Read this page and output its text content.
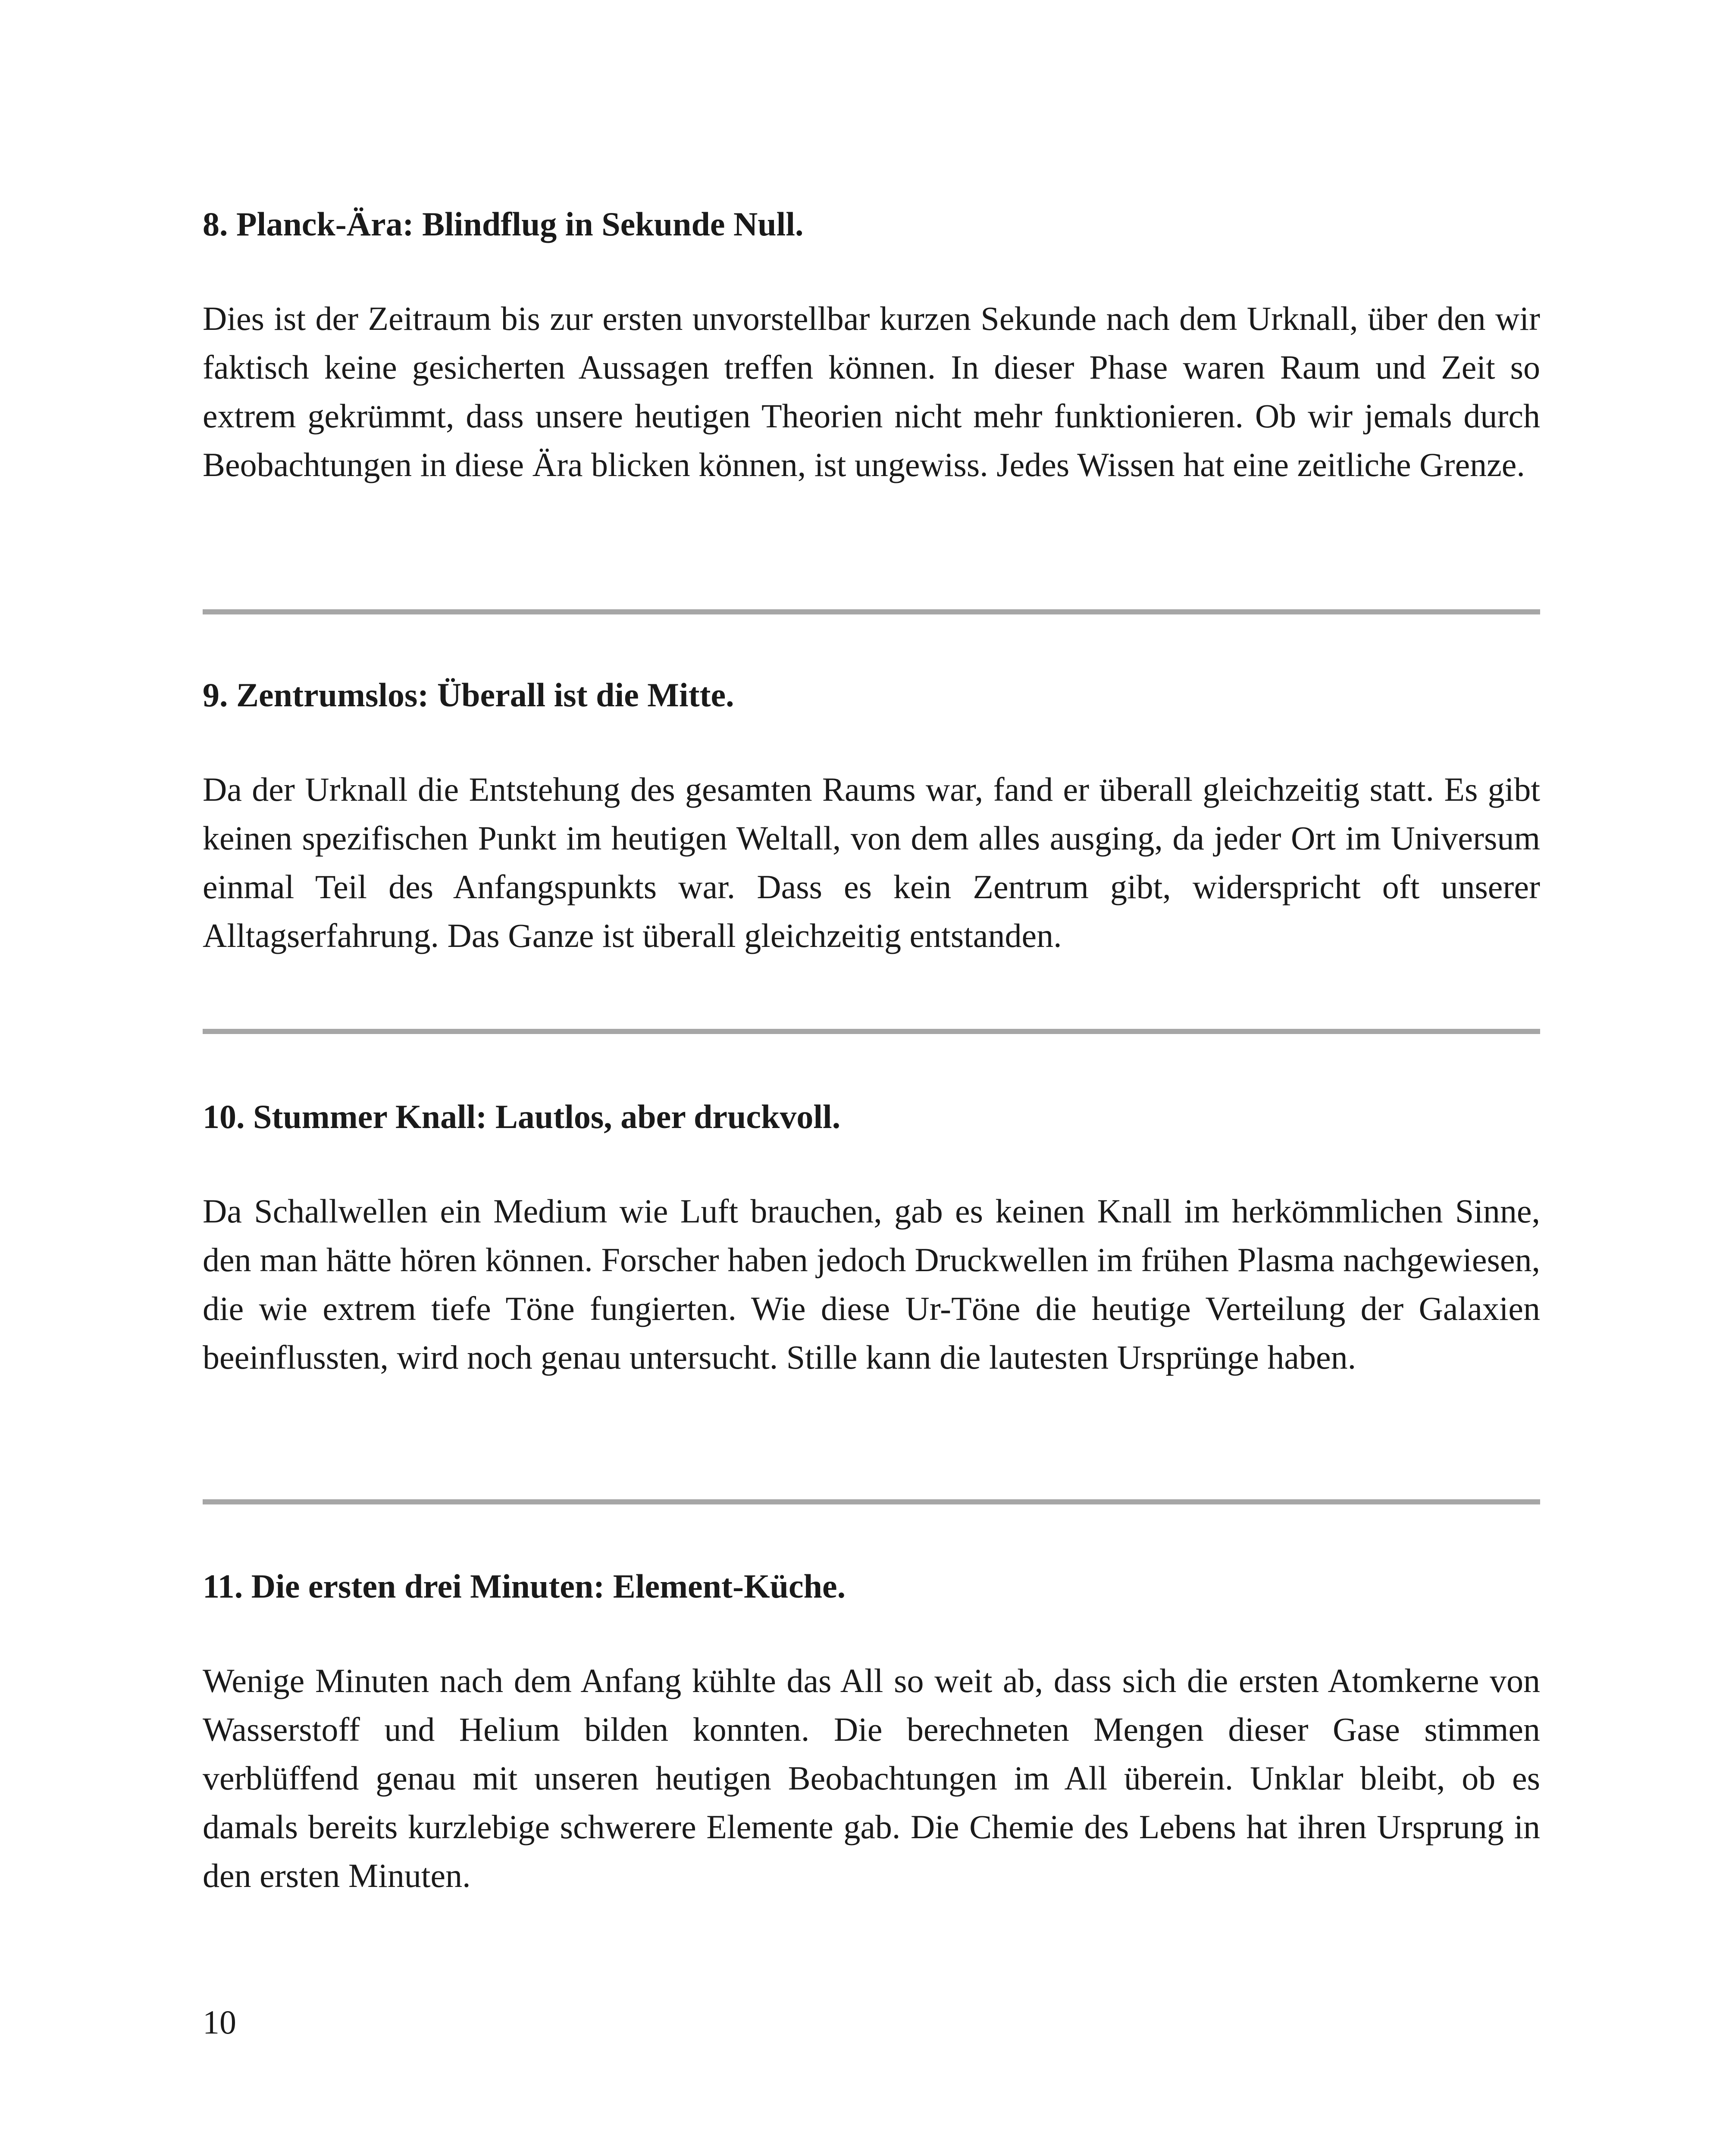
8. Planck-Ära: Blindflug in Sekunde Null.

Dies ist der Zeitraum bis zur ersten unvorstellbar kurzen Sekunde nach dem Urknall, über den wir faktisch keine gesicherten Aussagen treffen können. In dieser Phase waren Raum und Zeit so extrem gekrümmt, dass unsere heutigen Theorien nicht mehr funktionieren. Ob wir jemals durch Beobachtungen in diese Ära blicken können, ist ungewiss. Jedes Wissen hat eine zeitliche Grenze.

9. Zentrumslos: Überall ist die Mitte.

Da der Urknall die Entstehung des gesamten Raums war, fand er überall gleichzeitig statt. Es gibt keinen spezifischen Punkt im heutigen Weltall, von dem alles ausging, da jeder Ort im Universum einmal Teil des Anfangspunkts war. Dass es kein Zentrum gibt, widerspricht oft unserer Alltagserfahrung. Das Ganze ist überall gleichzeitig entstanden.

10. Stummer Knall: Lautlos, aber druckvoll.

Da Schallwellen ein Medium wie Luft brauchen, gab es keinen Knall im herkömmlichen Sinne, den man hätte hören können. Forscher haben jedoch Druckwellen im frühen Plasma nachgewiesen, die wie extrem tiefe Töne fungierten. Wie diese Ur-Töne die heutige Verteilung der Galaxien beeinflussten, wird noch genau untersucht. Stille kann die lautesten Ursprünge haben.

11. Die ersten drei Minuten: Element-Küche.

Wenige Minuten nach dem Anfang kühlte das All so weit ab, dass sich die ersten Atomkerne von Wasserstoff und Helium bilden konnten. Die berechneten Mengen dieser Gase stimmen verblüffend genau mit unseren heutigen Beobachtungen im All überein. Unklar bleibt, ob es damals bereits kurzlebige schwerere Elemente gab. Die Chemie des Lebens hat ihren Ursprung in den ersten Minuten.

10
